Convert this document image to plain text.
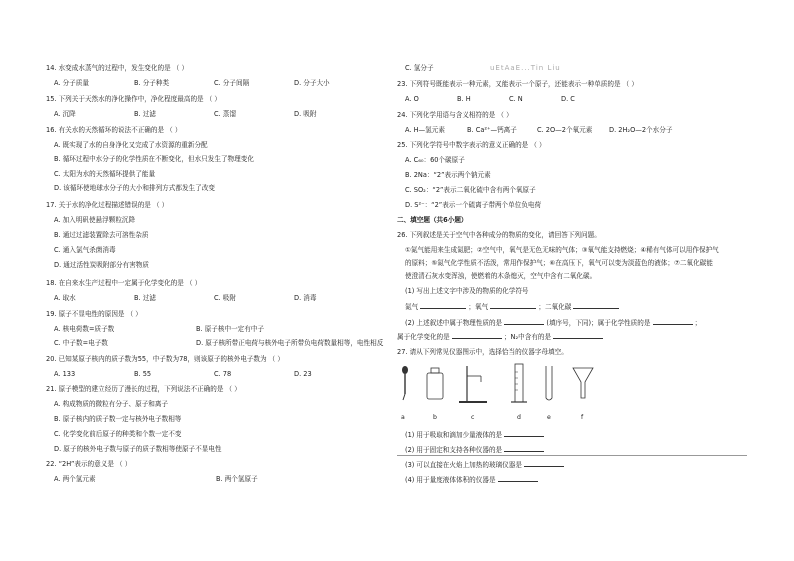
uEtAaE...Tin Liu
14. 水变成水蒸气的过程中，发生变化的是 （ ）
A. 分子质量	B. 分子种类	C. 分子间隔	D. 分子大小
15. 下列关于天然水的净化操作中，净化程度最高的是 （ ）
A. 沉降	B. 过滤	C. 蒸馏	D. 吸附
16. 有关水的天然循环的说法不正确的是 （ ）
A. 既实现了水的自身净化又完成了水资源的重新分配
B. 循环过程中水分子的化学性质在不断变化，但水只发生了物理变化
C. 太阳为水的天然循环提供了能量
D. 该循环使地球水分子的大小和排列方式都发生了改变
17. 关于水的净化过程描述错误的是 （ ）
A. 加入明矾使悬浮颗粒沉降
B. 通过过滤装置除去可溶性杂质
C. 通入氯气杀菌消毒
D. 通过活性炭吸附部分有害物质
18. 在自来水生产过程中一定属于化学变化的是 （ ）
A. 取水	B. 过滤	C. 吸附	D. 消毒
19. 原子不显电性的原因是 （ ）
A. 核电荷数=质子数	B. 原子核中一定有中子
C. 中子数=电子数	D. 原子核所带正电荷与核外电子所带负电荷数量相等，电性相反
20. 已知某原子核内的质子数为55，中子数为78，则该原子的核外电子数为 （ ）
A. 133	B. 55	C. 78	D. 23
21. 原子模型的建立经历了漫长的过程，下列说法不正确的是 （ ）
A. 构成物质的微粒有分子、原子和离子
B. 原子核内的质子数一定与核外电子数相等
C. 化学变化前后原子的种类和个数一定不变
D. 原子的核外电子数与原子的质子数相等使原子不显电性
22. “2H”表示的意义是 （ ）
A. 两个氢元素	B. 两个氢原子
C. 氢分子
23. 下列符号既能表示一种元素，又能表示一个原子，还能表示一种单质的是 （ ）
A. O	B. H	C. N	D. C
24. 下列化学用语与含义相符的是 （ ）
A. H—氢元素	B. Ca²⁺—钙离子	C. 2O—2个氧元素	D. 2H₂O—2个水分子
25. 下列化学符号中数字表示的意义正确的是 （ ）
A. C₆₀：60个碳原子
B. 2Na：“2”表示两个钠元素
C. SO₂：“2”表示二氧化硫中含有两个氧原子
D. S²⁻：“2”表示一个硫离子带两个单位负电荷
二、填空题（共6小题）
26. 下列叙述是关于空气中各种成分的物质的变化，请回答下列问题。
①氮气能用来生成氮肥；②空气中，氧气是无色无味的气体；③氧气能支持燃烧；④稀有气体可以用作保护气
的原料；⑤氮气化学性质不活泼，常用作保护气；⑥在高压下，氧气可以变为淡蓝色的液体；⑦二氧化碳能
使澄清石灰水变浑浊，使燃着的木条熄灭，空气中含有二氧化碳。
(1) 写出上述文字中涉及的物质的化学符号
氮气	；氧气	；二氧化碳
(2) 上述叙述中属于物理性质的是	(填序号，下同)；属于化学性质的是	；
属于化学变化的是	；N₂中含有的是
27. 请从下列常见仪器图示中，选择恰当的仪器字母填空。
a	b	c	d	e	f
(1) 用于吸取和滴加少量液体的是
(2) 用于固定和支持各种仪器的是
(3) 可以直接在火焰上加热的玻璃仪器是
(4) 用于量度液体体积的仪器是
